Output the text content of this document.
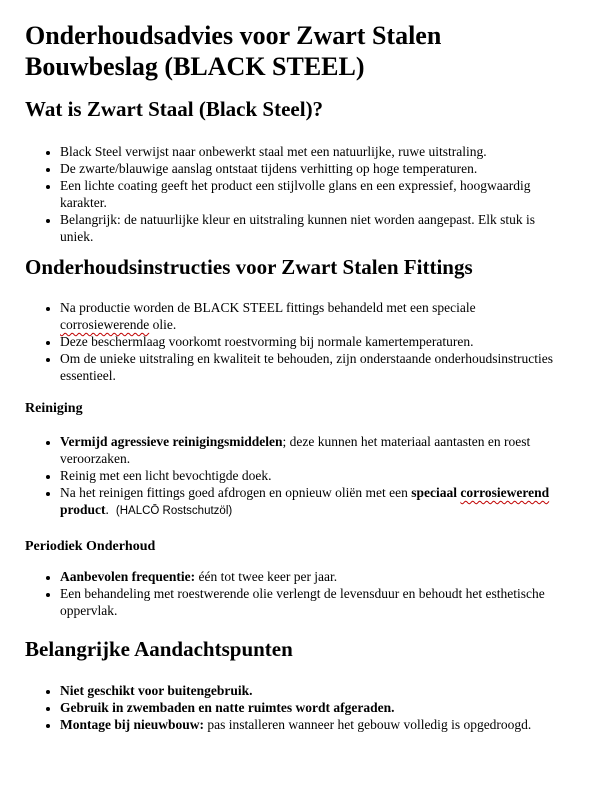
Onderhoudsadvies voor Zwart Stalen Bouwbeslag (BLACK STEEL)
Wat is Zwart Staal (Black Steel)?
• Black Steel verwijst naar onbewerkt staal met een natuurlijke, ruwe uitstraling.
• De zwarte/blauwige aanslag ontstaat tijdens verhitting op hoge temperaturen.
• Een lichte coating geeft het product een stijlvolle glans en een expressief, hoogwaardig karakter.
• Belangrijk: de natuurlijke kleur en uitstraling kunnen niet worden aangepast. Elk stuk is uniek.
Onderhoudsinstructies voor Zwart Stalen Fittings
• Na productie worden de BLACK STEEL fittings behandeld met een speciale corrosiewerende olie.
• Deze beschermlaag voorkomt roestvorming bij normale kamertemperaturen.
• Om de unieke uitstraling en kwaliteit te behouden, zijn onderstaande onderhoudsinstructies essentieel.
Reiniging
• Vermijd agressieve reinigingsmiddelen; deze kunnen het materiaal aantasten en roest veroorzaken.
• Reinig met een licht bevochtigde doek.
• Na het reinigen fittings goed afdrogen en opnieuw oliën met een speciaal corrosiewerend product. (HALCŌ Rostschutzöl)
Periodiek Onderhoud
• Aanbevolen frequentie: één tot twee keer per jaar.
• Een behandeling met roestwerende olie verlengt de levensduur en behoudt het esthetische oppervlak.
Belangrijke Aandachtspunten
• Niet geschikt voor buitengebruik.
• Gebruik in zwembaden en natte ruimtes wordt afgeraden.
• Montage bij nieuwbouw: pas installeren wanneer het gebouw volledig is opgedroogd.
